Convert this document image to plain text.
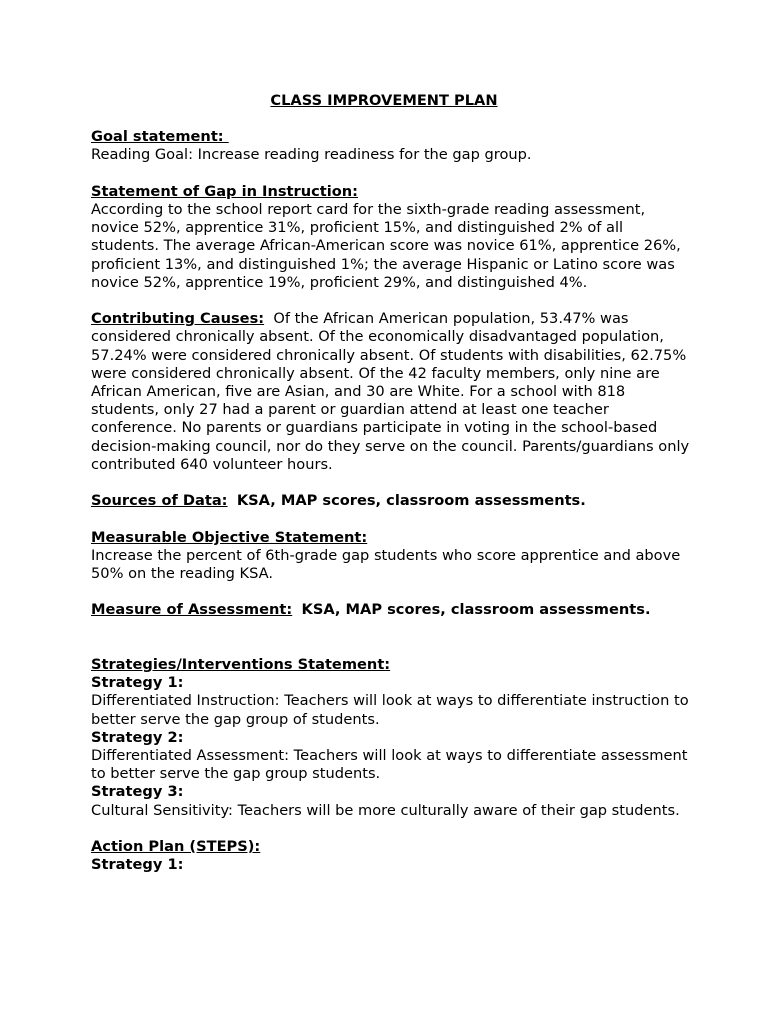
CLASS IMPROVEMENT PLAN
Goal statement:

Reading Goal: Increase reading readiness for the gap group.

Statement of Gap in Instruction:

According to the school report card for the sixth-grade reading assessment, novice 52%, apprentice 31%, proficient 15%, and distinguished 2% of all students. The average African-American score was novice 61%, apprentice 26%, proficient 13%, and distinguished 1%; the average Hispanic or Latino score was novice 52%, apprentice 19%, proficient 29%, and distinguished 4%.

Contributing Causes: Of the African American population, 53.47% was considered chronically absent. Of the economically disadvantaged population, 57.24% were considered chronically absent. Of students with disabilities, 62.75% were considered chronically absent. Of the 42 faculty members, only nine are African American, five are Asian, and 30 are White. For a school with 818 students, only 27 had a parent or guardian attend at least one teacher conference. No parents or guardians participate in voting in the school-based decision-making council, nor do they serve on the council. Parents/guardians only contributed 640 volunteer hours.

Sources of Data: KSA, MAP scores, classroom assessments.

Measurable Objective Statement:

Increase the percent of 6th-grade gap students who score apprentice and above 50% on the reading KSA.

Measure of Assessment: KSA, MAP scores, classroom assessments.

Strategies/Interventions Statement:
Strategy 1:

Differentiated Instruction: Teachers will look at ways to differentiate instruction to better serve the gap group of students.

Strategy 2:

Differentiated Assessment: Teachers will look at ways to differentiate assessment to better serve the gap group students.

Strategy 3:

Cultural Sensitivity: Teachers will be more culturally aware of their gap students.

Action Plan (STEPS):
Strategy 1:
